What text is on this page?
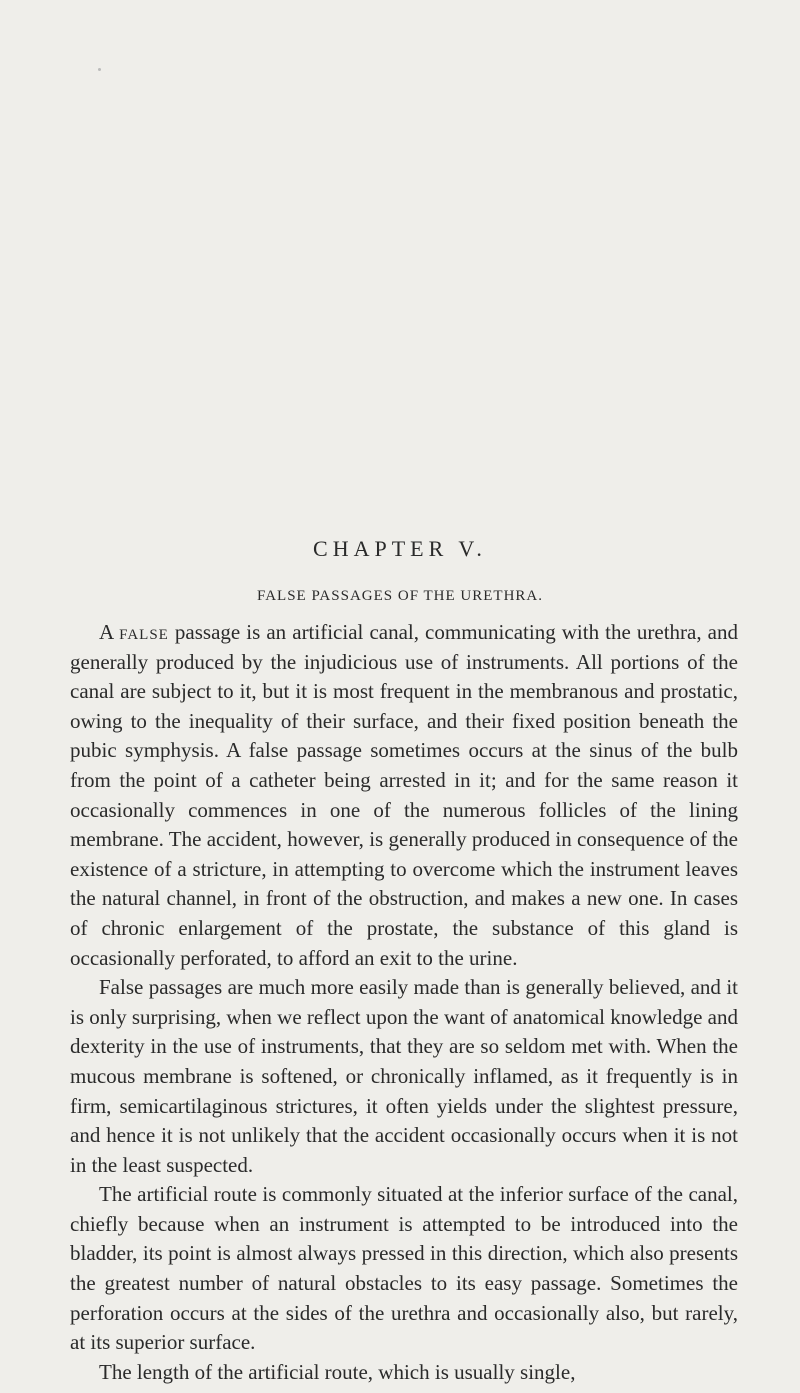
CHAPTER V.
FALSE PASSAGES OF THE URETHRA.

A false passage is an artificial canal, communicating with the urethra, and generally produced by the injudicious use of instruments. All portions of the canal are subject to it, but it is most frequent in the membranous and prostatic, owing to the inequality of their surface, and their fixed position beneath the pubic symphysis. A false passage sometimes occurs at the sinus of the bulb from the point of a catheter being arrested in it; and for the same reason it occasionally commences in one of the numerous follicles of the lining membrane. The accident, however, is generally produced in consequence of the existence of a stricture, in attempting to overcome which the instrument leaves the natural channel, in front of the obstruction, and makes a new one. In cases of chronic enlargement of the prostate, the substance of this gland is occasionally perforated, to afford an exit to the urine.

False passages are much more easily made than is generally believed, and it is only surprising, when we reflect upon the want of anatomical knowledge and dexterity in the use of instruments, that they are so seldom met with. When the mucous membrane is softened, or chronically inflamed, as it frequently is in firm, semicartilaginous strictures, it often yields under the slightest pressure, and hence it is not unlikely that the accident occasionally occurs when it is not in the least suspected.

The artificial route is commonly situated at the inferior surface of the canal, chiefly because when an instrument is attempted to be introduced into the bladder, its point is almost always pressed in this direction, which also presents the greatest number of natural obstacles to its easy passage. Sometimes the perforation occurs at the sides of the urethra and occasionally also, but rarely, at its superior surface.

The length of the artificial route, which is usually single,
